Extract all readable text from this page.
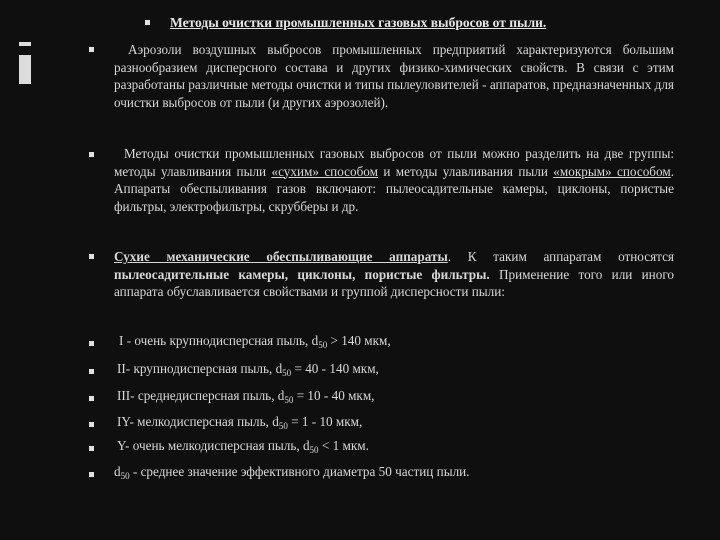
Методы очистки промышленных газовых выбросов от пыли.
Аэрозоли воздушных выбросов промышленных предприятий характеризуются большим разнообразием дисперсного состава и других физико-химических свойств. В связи с этим разработаны различные методы очистки и типы пылеуловителей - аппаратов, предназначенных для очистки выбросов от пыли (и других аэрозолей).
Методы очистки промышленных газовых выбросов от пыли можно разделить на две группы: методы улавливания пыли «сухим» способом и методы улавливания пыли «мокрым» способом. Аппараты обеспыливания газов включают: пылеосадительные камеры, циклоны, пористые фильтры, электрофильтры, скрубберы и др.
Сухие механические обеспыливающие аппараты. К таким аппаратам относятся пылеосадительные камеры, циклоны, пористые фильтры. Применение того или иного аппарата обуславливается свойствами и группой дисперсности пыли:
I - очень крупнодисперсная пыль, $d_{50} > 140$ мкм,
II- крупнодисперсная пыль, $d_{50} = 40 - 140$ мкм,
III- среднедисперсная пыль, $d_{50} = 10 - 40$ мкм,
IY- мелкодисперсная пыль, $d_{50} = 1 - 10$ мкм,
Y- очень мелкодисперсная пыль, $d_{50} < 1$ мкм.
$d_{50}$ - среднее значение эффективного диаметра 50 частиц пыли.
